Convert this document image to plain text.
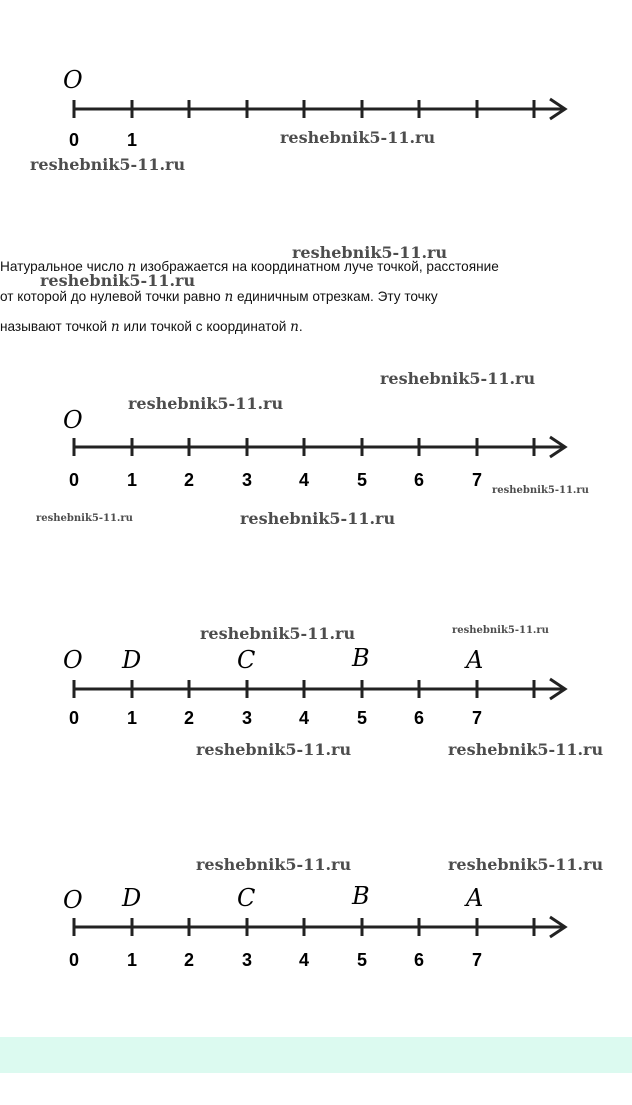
O
0	1	reshebnik5-11.ru
reshebnik5-11.ru

Натуральное число n изображается на координатном луче точкой, расстояние

от которой до нулевой точки равно n единичным отрезкам. Эту точку

называют точкой n или точкой с координатой n.

reshebnik5-11.ru
reshebnik5-11.ru
O
0	1	2	3	4	5	6	7
reshebnik5-11.ru
reshebnik5-11.ru
reshebnik5-11.ru
reshebnik5-11.ru	reshebnik5-11.ru
O D	C	B	A
0	1	2	3	4	5	6	7
reshebnik5-11.ru	reshebnik5-11.ru
reshebnik5-11.ru	reshebnik5-11.ru
O D	C	B	A
0	1	2	3	4	5	6	7
reshebnik5-11.ru	reshebnik5-11.ru
